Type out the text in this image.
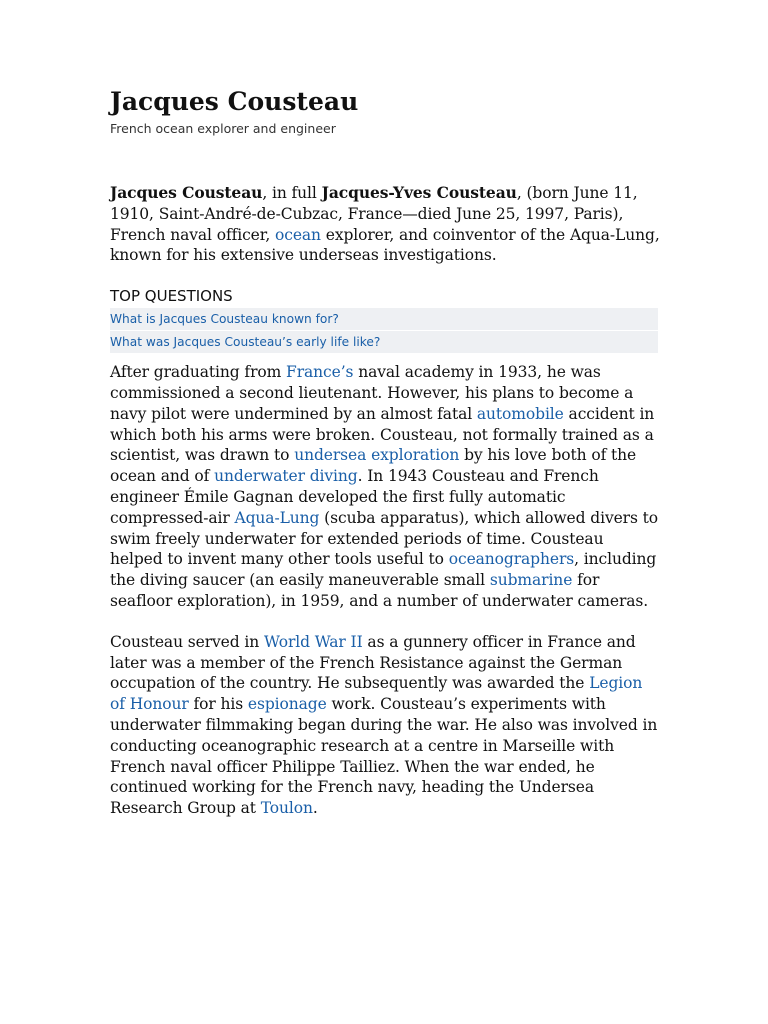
Jacques Cousteau

French ocean explorer and engineer

Jacques Cousteau, in full Jacques-Yves Cousteau, (born June 11, 1910, Saint-André-de-Cubzac, France—died June 25, 1997, Paris), French naval officer, ocean explorer, and coinventor of the Aqua-Lung, known for his extensive underseas investigations.

TOP QUESTIONS
What is Jacques Cousteau known for?
What was Jacques Cousteau’s early life like?

After graduating from France’s naval academy in 1933, he was commissioned a second lieutenant. However, his plans to become a navy pilot were undermined by an almost fatal automobile accident in which both his arms were broken. Cousteau, not formally trained as a scientist, was drawn to undersea exploration by his love both of the ocean and of underwater diving. In 1943 Cousteau and French engineer Émile Gagnan developed the first fully automatic compressed-air Aqua-Lung (scuba apparatus), which allowed divers to swim freely underwater for extended periods of time. Cousteau helped to invent many other tools useful to oceanographers, including the diving saucer (an easily maneuverable small submarine for seafloor exploration), in 1959, and a number of underwater cameras.

Cousteau served in World War II as a gunnery officer in France and later was a member of the French Resistance against the German occupation of the country. He subsequently was awarded the Legion of Honour for his espionage work. Cousteau’s experiments with underwater filmmaking began during the war. He also was involved in conducting oceanographic research at a centre in Marseille with French naval officer Philippe Tailliez. When the war ended, he continued working for the French navy, heading the Undersea Research Group at Toulon.
